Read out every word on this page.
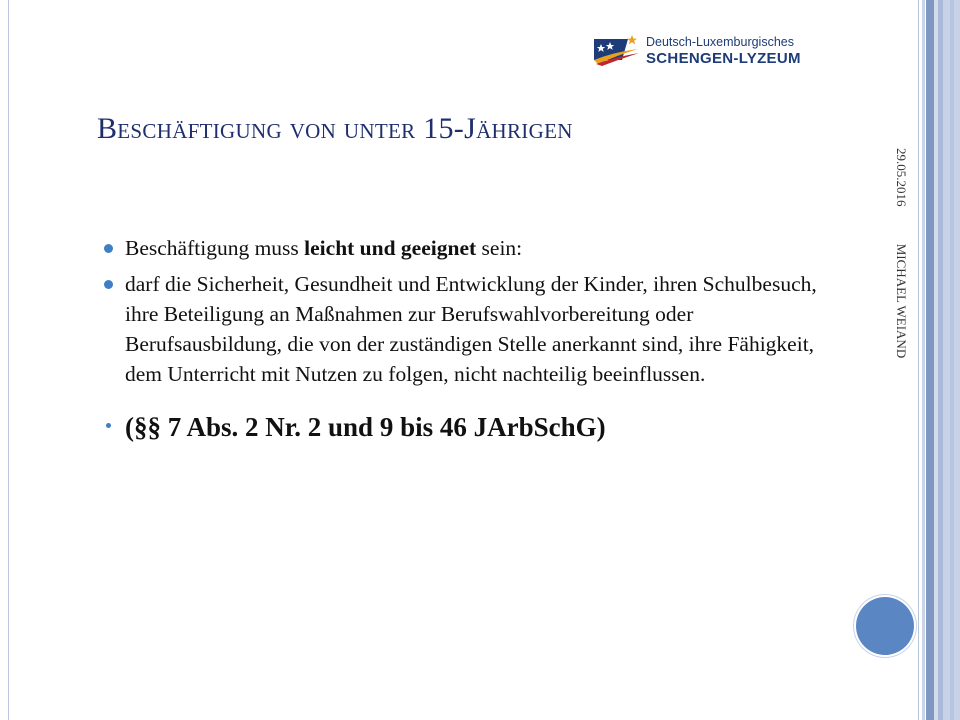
Deutsch-Luxemburgisches
SCHENGEN-LYZEUM
Beschäftigung von unter 15-Jährigen
Beschäftigung muss leicht und geeignet sein:
darf die Sicherheit, Gesundheit und Entwicklung der Kinder, ihren Schulbesuch, ihre Beteiligung an Maßnahmen zur Berufswahlvorbereitung oder Berufsausbildung, die von der zuständigen Stelle anerkannt sind, ihre Fähigkeit, dem Unterricht mit Nutzen zu folgen, nicht nachteilig beeinflussen.
(§§ 7 Abs. 2 Nr. 2 und 9 bis 46 JArbSchG)
29.05.2016 MICHAEL WEIAND
